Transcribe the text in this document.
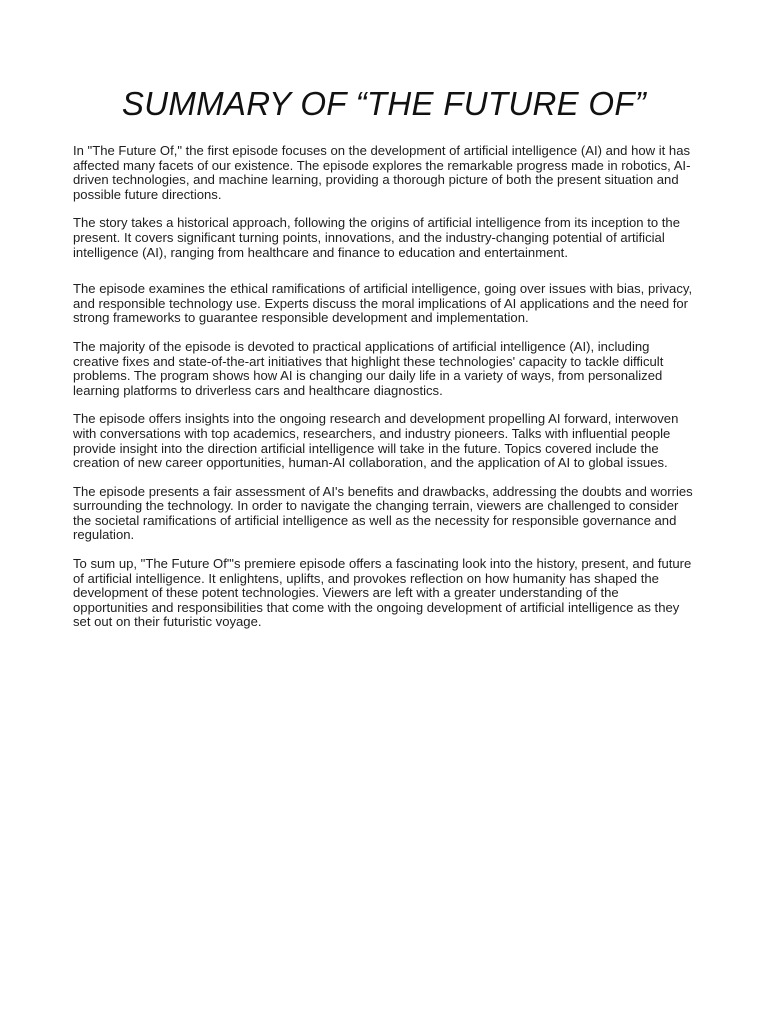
SUMMARY OF “THE FUTURE OF”

In "The Future Of," the first episode focuses on the development of artificial intelligence (AI) and how it has affected many facets of our existence. The episode explores the remarkable progress made in robotics, AI-driven technologies, and machine learning, providing a thorough picture of both the present situation and possible future directions.

The story takes a historical approach, following the origins of artificial intelligence from its inception to the present. It covers significant turning points, innovations, and the industry-changing potential of artificial intelligence (AI), ranging from healthcare and finance to education and entertainment.

The episode examines the ethical ramifications of artificial intelligence, going over issues with bias, privacy, and responsible technology use. Experts discuss the moral implications of AI applications and the need for strong frameworks to guarantee responsible development and implementation.

The majority of the episode is devoted to practical applications of artificial intelligence (AI), including creative fixes and state-of-the-art initiatives that highlight these technologies' capacity to tackle difficult problems. The program shows how AI is changing our daily life in a variety of ways, from personalized learning platforms to driverless cars and healthcare diagnostics.

The episode offers insights into the ongoing research and development propelling AI forward, interwoven with conversations with top academics, researchers, and industry pioneers. Talks with influential people provide insight into the direction artificial intelligence will take in the future. Topics covered include the creation of new career opportunities, human-AI collaboration, and the application of AI to global issues.

The episode presents a fair assessment of AI's benefits and drawbacks, addressing the doubts and worries surrounding the technology. In order to navigate the changing terrain, viewers are challenged to consider the societal ramifications of artificial intelligence as well as the necessity for responsible governance and regulation.

To sum up, "The Future Of"'s premiere episode offers a fascinating look into the history, present, and future of artificial intelligence. It enlightens, uplifts, and provokes reflection on how humanity has shaped the development of these potent technologies. Viewers are left with a greater understanding of the opportunities and responsibilities that come with the ongoing development of artificial intelligence as they set out on their futuristic voyage.
